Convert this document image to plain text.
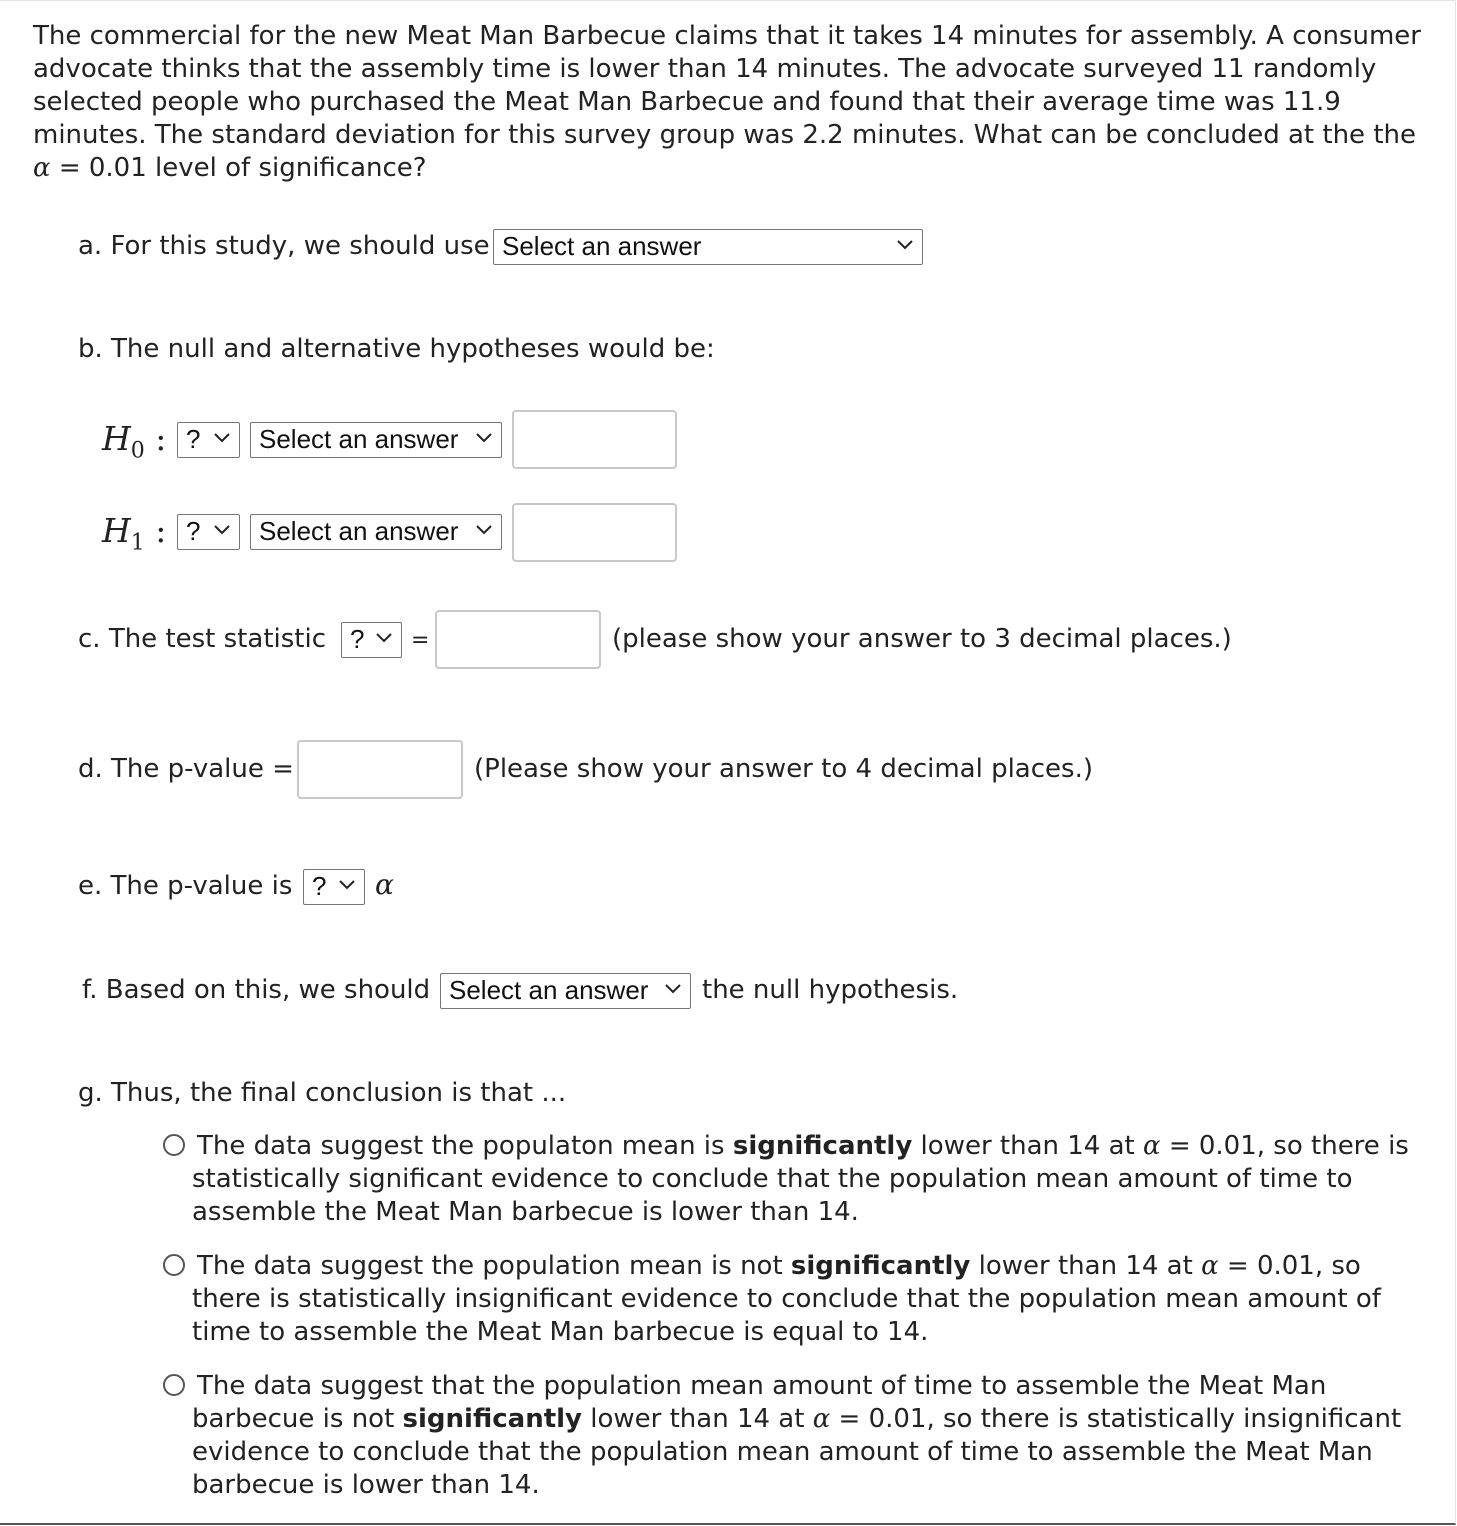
The commercial for the new Meat Man Barbecue claims that it takes 14 minutes for assembly. A consumer advocate thinks that the assembly time is lower than 14 minutes. The advocate surveyed 11 randomly selected people who purchased the Meat Man Barbecue and found that their average time was 11.9 minutes. The standard deviation for this survey group was 2.2 minutes. What can be concluded at the the α = 0.01 level of significance?
a. For this study, we should use Select an answer
b. The null and alternative hypotheses would be:
$H_0$ : ?	Select an answer
$H_1$ : ?	Select an answer
c. The test statistic ?	=	(please show your answer to 3 decimal places.)
d. The p-value =	(Please show your answer to 4 decimal places.)
e. The p-value is ?	α
f. Based on this, we should Select an answer	the null hypothesis.
g. Thus, the final conclusion is that ...
The data suggest the populaton mean is significantly lower than 14 at α = 0.01, so there is statistically significant evidence to conclude that the population mean amount of time to assemble the Meat Man barbecue is lower than 14.
The data suggest the population mean is not significantly lower than 14 at α = 0.01, so there is statistically insignificant evidence to conclude that the population mean amount of time to assemble the Meat Man barbecue is equal to 14.
The data suggest that the population mean amount of time to assemble the Meat Man barbecue is not significantly lower than 14 at α = 0.01, so there is statistically insignificant evidence to conclude that the population mean amount of time to assemble the Meat Man barbecue is lower than 14.
